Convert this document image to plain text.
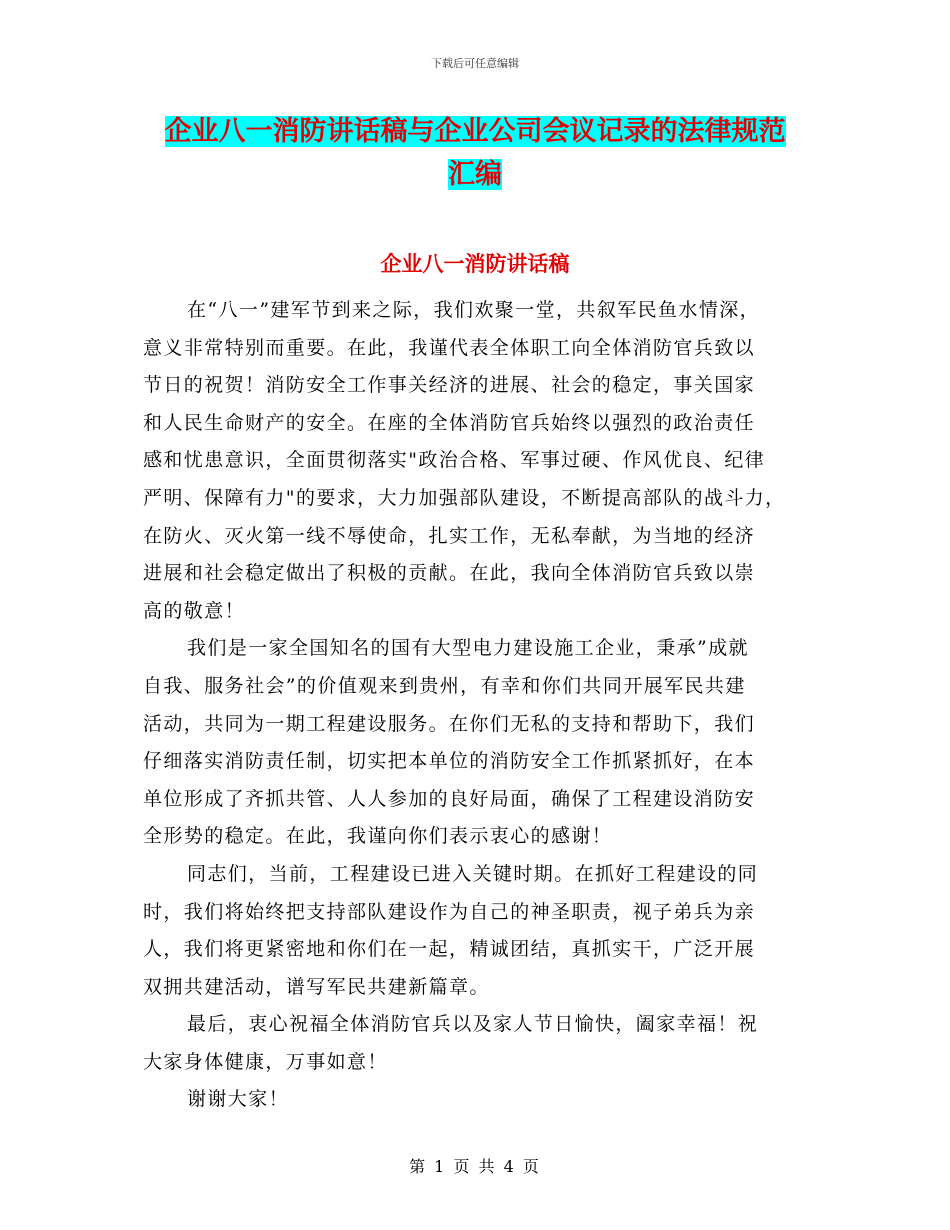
下载后可任意编辑
企业八一消防讲话稿与企业公司会议记录的法律规范
汇编
企业八一消防讲话稿
在“八一”建军节到来之际，我们欢聚一堂，共叙军民鱼水情深，
意义非常特别而重要。在此，我谨代表全体职工向全体消防官兵致以
节日的祝贺！消防安全工作事关经济的进展、社会的稳定，事关国家
和人民生命财产的安全。在座的全体消防官兵始终以强烈的政治责任
感和忧患意识，全面贯彻落实"政治合格、军事过硬、作风优良、纪律
严明、保障有力"的要求，大力加强部队建设，不断提高部队的战斗力，
在防火、灭火第一线不辱使命，扎实工作，无私奉献，为当地的经济
进展和社会稳定做出了积极的贡献。在此，我向全体消防官兵致以崇
高的敬意！
我们是一家全国知名的国有大型电力建设施工企业，秉承”成就
自我、服务社会”的价值观来到贵州，有幸和你们共同开展军民共建
活动，共同为一期工程建设服务。在你们无私的支持和帮助下，我们
仔细落实消防责任制，切实把本单位的消防安全工作抓紧抓好，在本
单位形成了齐抓共管、人人参加的良好局面，确保了工程建设消防安
全形势的稳定。在此，我谨向你们表示衷心的感谢！
同志们，当前，工程建设已进入关键时期。在抓好工程建设的同
时，我们将始终把支持部队建设作为自己的神圣职责，视子弟兵为亲
人，我们将更紧密地和你们在一起，精诚团结，真抓实干，广泛开展
双拥共建活动，谱写军民共建新篇章。
最后，衷心祝福全体消防官兵以及家人节日愉快，阖家幸福！祝
大家身体健康，万事如意！
谢谢大家！
第 1 页 共 4 页
